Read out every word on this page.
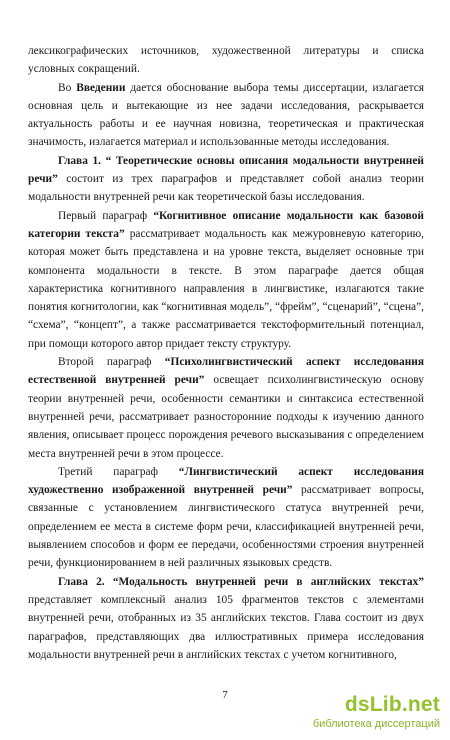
лексикографических источников, художественной литературы и списка условных сокращений.

Во Введении дается обоснование выбора темы диссертации, излагается основная цель и вытекающие из нее задачи исследования, раскрывается актуальность работы и ее научная новизна, теоретическая и практическая значимость, излагается материал и использованные методы исследования.

Глава 1. “ Теоретические основы описания модальности внутренней речи” состоит из трех параграфов и представляет собой анализ теории модальности внутренней речи как теоретической базы исследования.

Первый параграф “Когнитивное описание модальности как базовой категории текста” рассматривает модальность как межуровневую категорию, которая может быть представлена и на уровне текста, выделяет основные три компонента модальности в тексте. В этом параграфе дается общая характеристика когнитивного направления в лингвистике, излагаются такие понятия когнитологии, как “когнитивная модель”, “фрейм”, “сценарий”, “сцена”, “схема”, “концепт”, а также рассматривается текстоформительный потенциал, при помощи которого автор придает тексту структуру.

Второй параграф “Психолингвистический аспект исследования естественной внутренней речи” освещает психолингвистическую основу теории внутренней речи, особенности семантики и синтаксиса естественной внутренней речи, рассматривает разносторонние подходы к изучению данного явления, описывает процесс порождения речевого высказывания с определением места внутренней речи в этом процессе.

Третий параграф “Лингвистический аспект исследования художественно изображенной внутренней речи” рассматривает вопросы, связанные с установлением лингвистического статуса внутренней речи, определением ее места в системе форм речи, классификацией внутренней речи, выявлением способов и форм ее передачи, особенностями строения внутренней речи, функционированием в ней различных языковых средств.

Глава 2. “Модальность внутренней речи в английских текстах” представляет комплексный анализ 105 фрагментов текстов с элементами внутренней речи, отобранных из 35 английских текстов. Глава состоит из двух параграфов, представляющих два иллюстративных примера исследования модальности внутренней речи в английских текстах с учетом когнитивного,

7	dsLib.net
библиотека диссертаций
